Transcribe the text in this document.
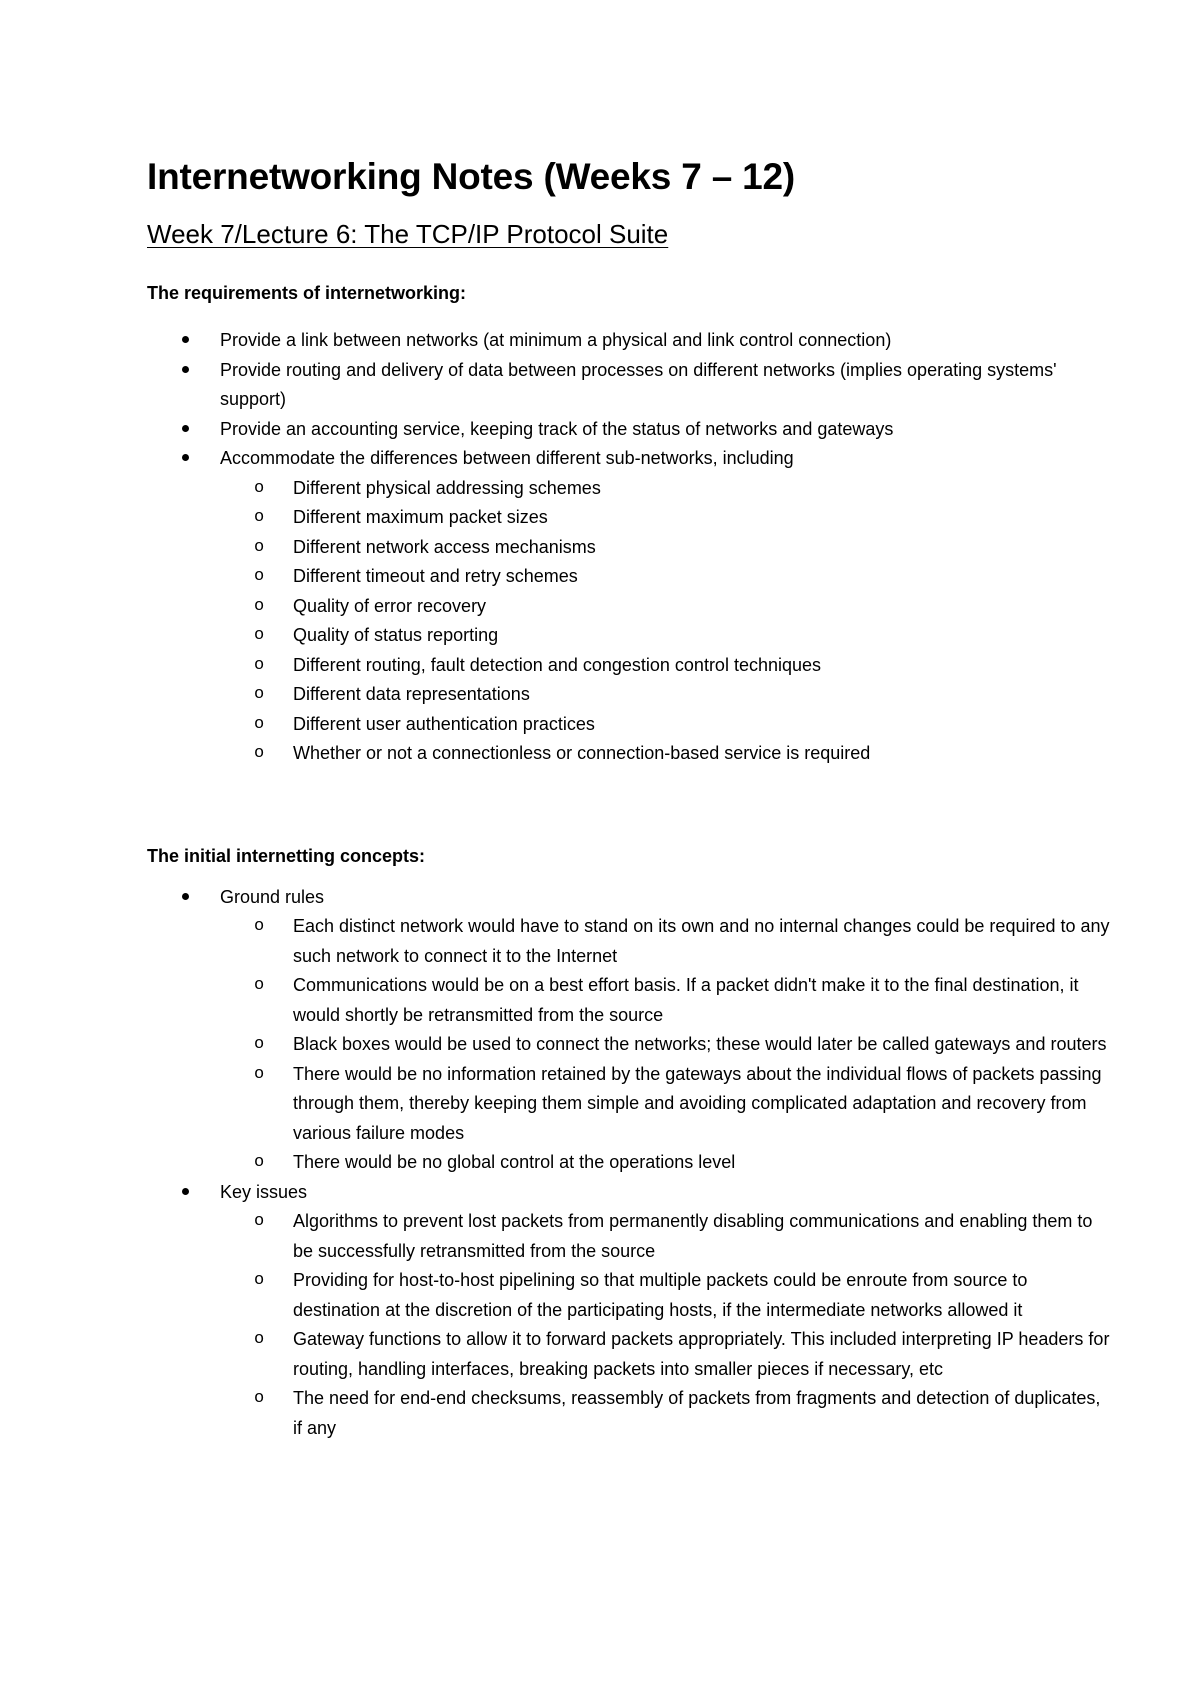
Internetworking Notes (Weeks 7 – 12)
Week 7/Lecture 6: The TCP/IP Protocol Suite
The requirements of internetworking:
Provide a link between networks (at minimum a physical and link control connection)
Provide routing and delivery of data between processes on different networks (implies operating systems' support)
Provide an accounting service, keeping track of the status of networks and gateways
Accommodate the differences between different sub-networks, including
o Different physical addressing schemes
o Different maximum packet sizes
o Different network access mechanisms
o Different timeout and retry schemes
o Quality of error recovery
o Quality of status reporting
o Different routing, fault detection and congestion control techniques
o Different data representations
o Different user authentication practices
o Whether or not a connectionless or connection-based service is required
The initial internetting concepts:
Ground rules
o Each distinct network would have to stand on its own and no internal changes could be required to any such network to connect it to the Internet
o Communications would be on a best effort basis. If a packet didn't make it to the final destination, it would shortly be retransmitted from the source
o Black boxes would be used to connect the networks; these would later be called gateways and routers
o There would be no information retained by the gateways about the individual flows of packets passing through them, thereby keeping them simple and avoiding complicated adaptation and recovery from various failure modes
o There would be no global control at the operations level
Key issues
o Algorithms to prevent lost packets from permanently disabling communications and enabling them to be successfully retransmitted from the source
o Providing for host-to-host pipelining so that multiple packets could be enroute from source to destination at the discretion of the participating hosts, if the intermediate networks allowed it
o Gateway functions to allow it to forward packets appropriately. This included interpreting IP headers for routing, handling interfaces, breaking packets into smaller pieces if necessary, etc
o The need for end-end checksums, reassembly of packets from fragments and detection of duplicates, if any
